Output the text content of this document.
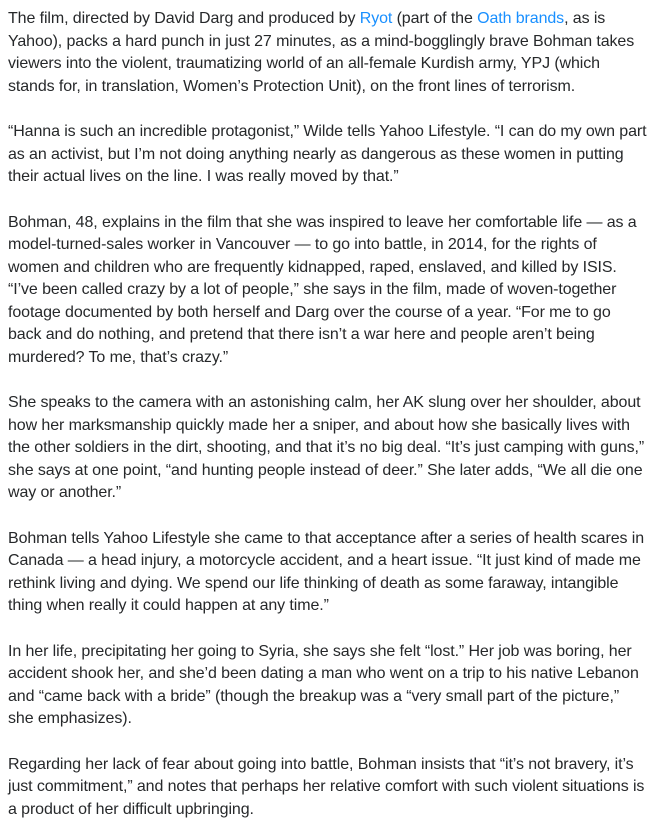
The film, directed by David Darg and produced by Ryot (part of the Oath brands, as is Yahoo), packs a hard punch in just 27 minutes, as a mind-bogglingly brave Bohman takes viewers into the violent, traumatizing world of an all-female Kurdish army, YPJ (which stands for, in translation, Women’s Protection Unit), on the front lines of terrorism.

“Hanna is such an incredible protagonist,” Wilde tells Yahoo Lifestyle. “I can do my own part as an activist, but I’m not doing anything nearly as dangerous as these women in putting their actual lives on the line. I was really moved by that.”

Bohman, 48, explains in the film that she was inspired to leave her comfortable life — as a model-turned-sales worker in Vancouver — to go into battle, in 2014, for the rights of women and children who are frequently kidnapped, raped, enslaved, and killed by ISIS. “I’ve been called crazy by a lot of people,” she says in the film, made of woven-together footage documented by both herself and Darg over the course of a year. “For me to go back and do nothing, and pretend that there isn’t a war here and people aren’t being murdered? To me, that’s crazy.”

She speaks to the camera with an astonishing calm, her AK slung over her shoulder, about how her marksmanship quickly made her a sniper, and about how she basically lives with the other soldiers in the dirt, shooting, and that it’s no big deal. “It’s just camping with guns,” she says at one point, “and hunting people instead of deer.” She later adds, “We all die one way or another.”

Bohman tells Yahoo Lifestyle she came to that acceptance after a series of health scares in Canada — a head injury, a motorcycle accident, and a heart issue. “It just kind of made me rethink living and dying. We spend our life thinking of death as some faraway, intangible thing when really it could happen at any time.”

In her life, precipitating her going to Syria, she says she felt “lost.” Her job was boring, her accident shook her, and she’d been dating a man who went on a trip to his native Lebanon and “came back with a bride” (though the breakup was a “very small part of the picture,” she emphasizes).

Regarding her lack of fear about going into battle, Bohman insists that “it’s not bravery, it’s just commitment,” and notes that perhaps her relative comfort with such violent situations is a product of her difficult upbringing.
